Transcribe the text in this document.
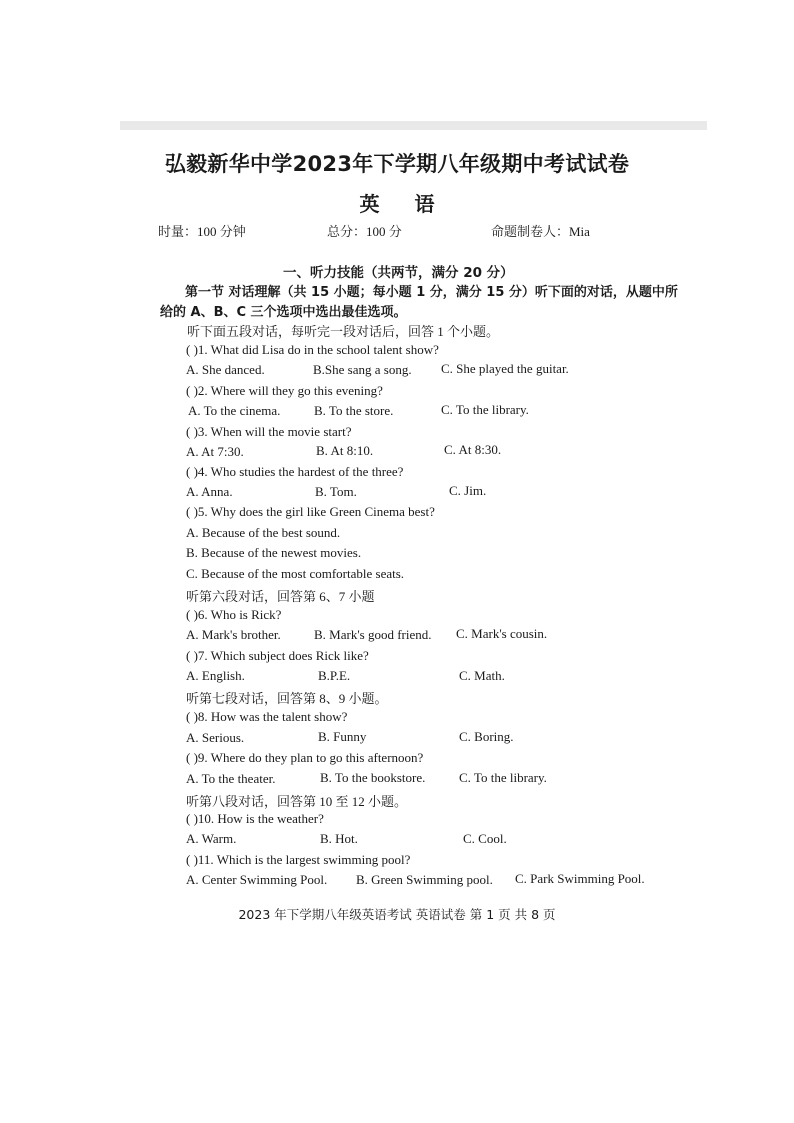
弘毅新华中学2023年下学期八年级期中考试试卷
英 语
时量：100 分钟	总分：100 分	命题制卷人：Mia
一、听力技能（共两节，满分 20 分）
第一节 对话理解（共 15 小题；每小题 1 分，满分 15 分）听下面的对话，从题中所
给的 A、B、C 三个选项中选出最佳选项。
听下面五段对话，每听完一段对话后，回答 1 个小题。
( )1. What did Lisa do in the school talent show?
A. She danced.	B.She sang a song. C. She played the guitar.
( )2. Where will they go this evening?
A. To the cinema.	B. To the store.	C. To the library.
( )3. When will the movie start?
A. At 7:30.	B. At 8:10.	C. At 8:30.
( )4. Who studies the hardest of the three?
A. Anna.	B. Tom.	C. Jim.
( )5. Why does the girl like Green Cinema best?
A. Because of the best sound.
B. Because of the newest movies.
C. Because of the most comfortable seats.
听第六段对话，回答第 6、7 小题
( )6. Who is Rick?
A. Mark's brother.	B. Mark's good friend. C. Mark's cousin.
( )7. Which subject does Rick like?
A. English.	B.P.E.	C. Math.
听第七段对话，回答第 8、9 小题。
( )8. How was the talent show?
A. Serious.	B. Funny	C. Boring.
( )9. Where do they plan to go this afternoon?
A. To the theater.	B. To the bookstore.	C. To the library.
听第八段对话，回答第 10 至 12 小题。
( )10. How is the weather?
A. Warm.	B. Hot.	C. Cool.
( )11. Which is the largest swimming pool?
A. Center Swimming Pool. B. Green Swimming pool. C. Park Swimming Pool.
2023 年下学期八年级英语考试 英语试卷 第 1 页 共 8 页
